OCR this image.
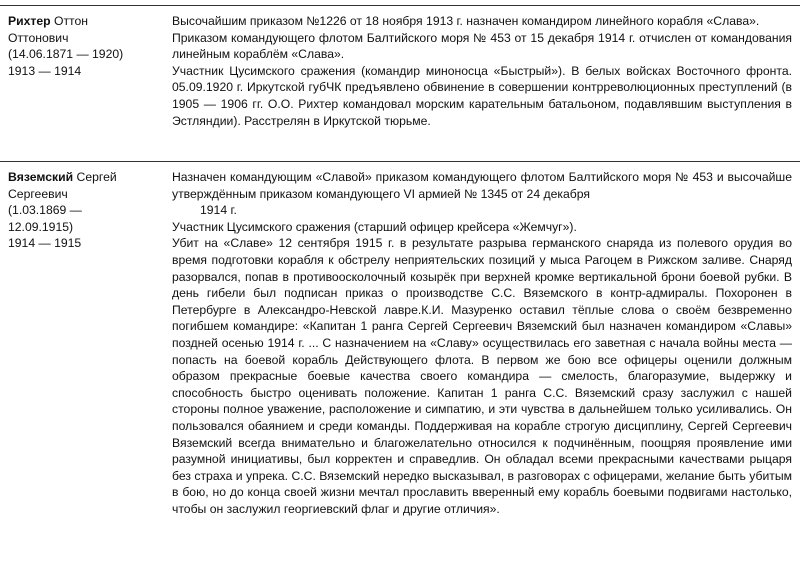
Рихтер Оттон
Оттонович
(14.06.1871 — 1920)
1913 — 1914

Высочайшим приказом №1226 от 18 ноября 1913 г. назначен командиром линейного корабля «Слава».

Приказом командующего флотом Балтийского моря № 453 от 15 декабря 1914 г. отчислен от командования линейным кораблём «Слава».

Участник Цусимского сражения (командир миноносца «Быстрый»). В белых войсках Восточного фронта. 05.09.1920 г. Иркутской губЧК предъявлено обвинение в совершении контрреволюционных преступлений (в 1905 — 1906 гг. О.О. Рихтер командовал морским карательным батальоном, подавлявшим выступления в Эстляндии). Расстрелян в Иркутской тюрьме.

Вяземский Сергей
Сергеевич
(1.03.1869 —
12.09.1915)
1914 — 1915

Назначен командующим «Славой» приказом командующего флотом Балтийского моря № 453 и высочайше утверждённым приказом командующего VI армией № 1345 от 24 декабря

1914 г.

Участник Цусимского сражения (старший офицер крейсера «Жемчуг»).

Убит на «Славе» 12 сентября 1915 г. в результате разрыва германского снаряда из полевого орудия во время подготовки корабля к обстрелу неприятельских позиций у мыса Рагоцем в Рижском заливе. Снаряд разорвался, попав в противоосколочный козырёк при верхней кромке вертикальной брони боевой рубки. В день гибели был подписан приказ о производстве С.С. Вяземского в контр-адмиралы. Похоронен в Петербурге в Александро-Невской лавре.К.И. Мазуренко оставил тёплые слова о своём безвременно погибшем командире: «Капитан 1 ранга Сергей Сергеевич Вяземский был назначен командиром «Славы» поздней осенью 1914 г. ... С назначением на «Славу» осуществилась его заветная с начала войны места — попасть на боевой корабль Действующего флота. В первом же бою все офицеры оценили должным образом прекрасные боевые качества своего командира — смелость, благоразумие, выдержку и способность быстро оценивать положение. Капитан 1 ранга С.С. Вяземский сразу заслужил с нашей стороны полное уважение, расположение и симпатию, и эти чувства в дальнейшем только усиливались. Он пользовался обаянием и среди команды. Поддерживая на корабле строгую дисциплину, Сергей Сергеевич Вяземский всегда внимательно и благожелательно относился к подчинённым, поощряя проявление ими разумной инициативы, был корректен и справедлив. Он обладал всеми прекрасными качествами рыцаря без страха и упрека. С.С. Вяземский нередко высказывал, в разговорах с офицерами, желание быть убитым в бою, но до конца своей жизни мечтал прославить вверенный ему корабль боевыми подвигами настолько, чтобы он заслужил георгиевский флаг и другие отличия».
